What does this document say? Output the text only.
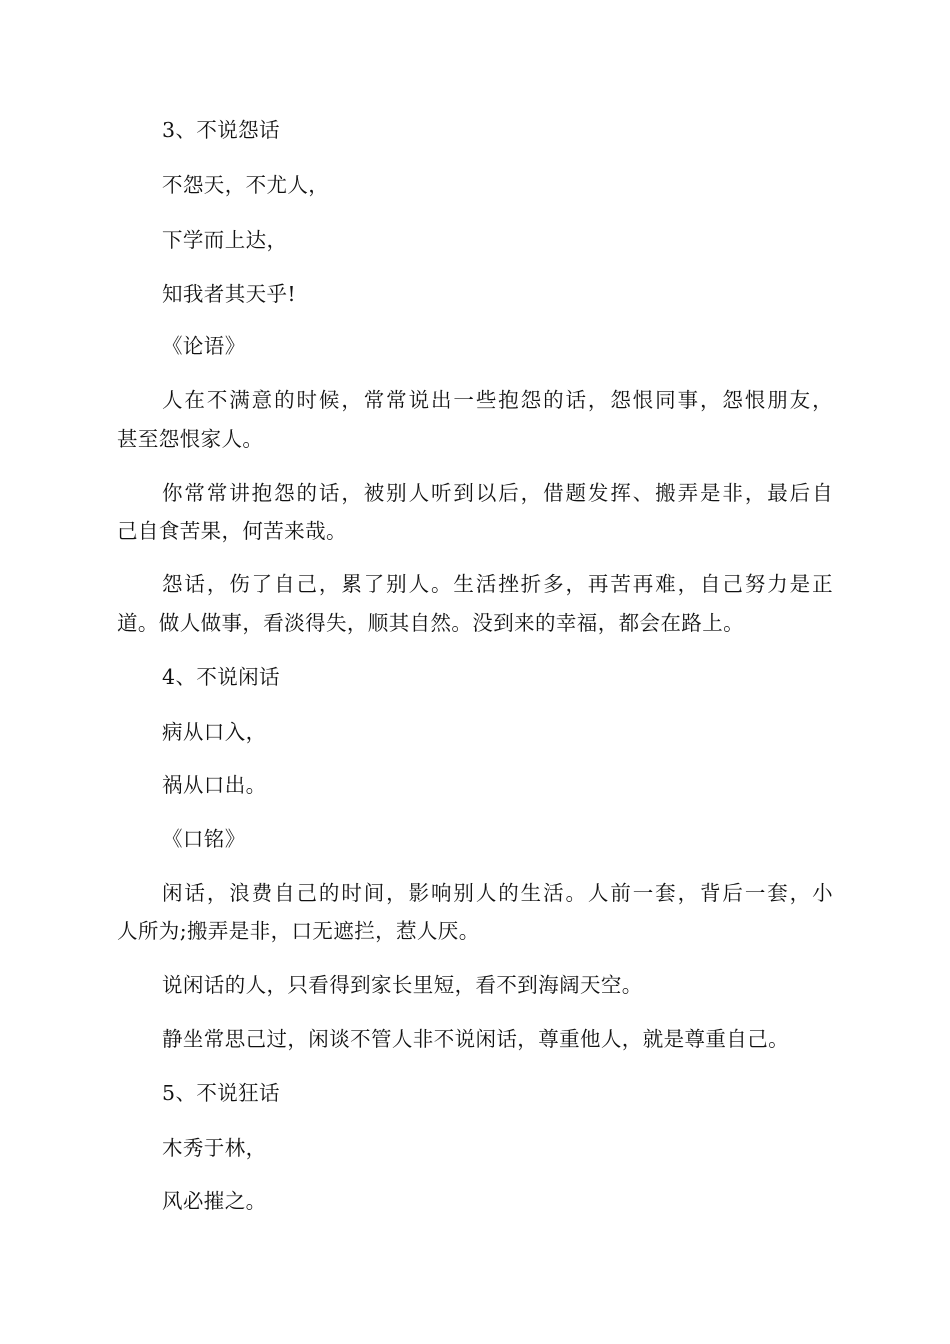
3、不说怨话
不怨天，不尤人，
下学而上达，
知我者其天乎!
《论语》
人在不满意的时候，常常说出一些抱怨的话，怨恨同事，怨恨朋友，
甚至怨恨家人。
你常常讲抱怨的话，被别人听到以后，借题发挥、搬弄是非，最后自
己自食苦果，何苦来哉。
怨话，伤了自己，累了别人。生活挫折多，再苦再难，自己努力是正
道。做人做事，看淡得失，顺其自然。没到来的幸福，都会在路上。
4、不说闲话
病从口入，
祸从口出。
《口铭》
闲话，浪费自己的时间，影响别人的生活。人前一套，背后一套，小
人所为;搬弄是非，口无遮拦，惹人厌。
说闲话的人，只看得到家长里短，看不到海阔天空。
静坐常思己过，闲谈不管人非不说闲话，尊重他人，就是尊重自己。
5、不说狂话
木秀于林，
风必摧之。
